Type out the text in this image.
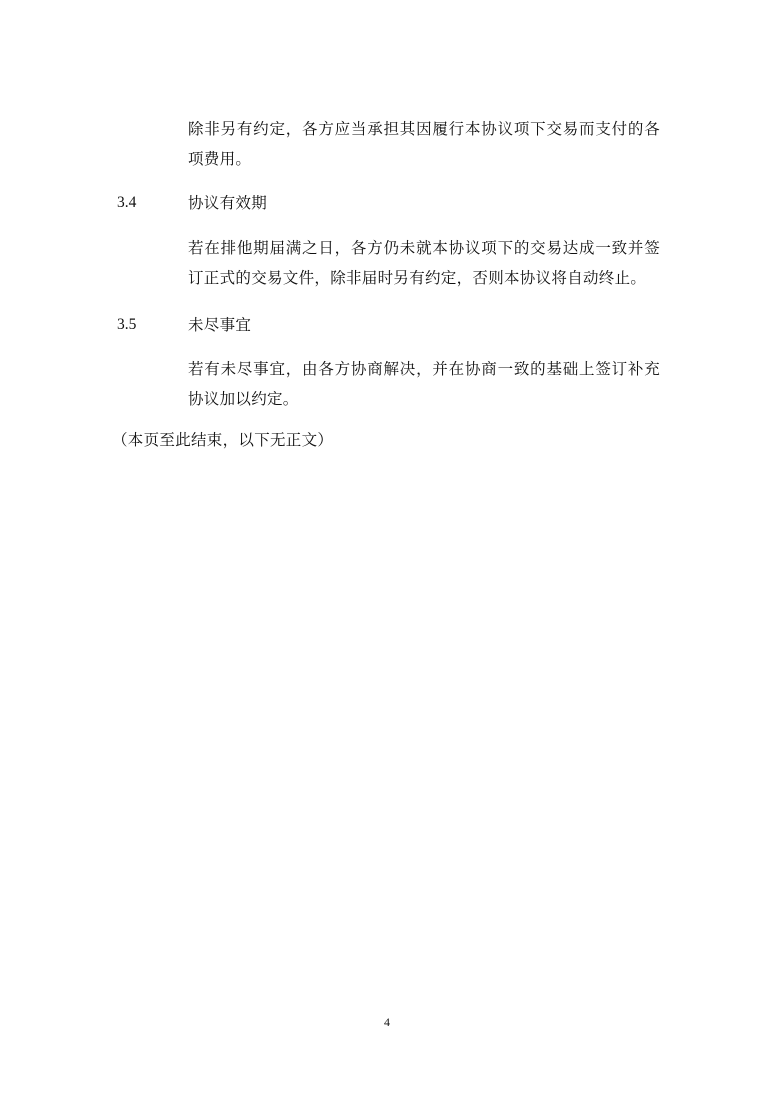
除非另有约定，各方应当承担其因履行本协议项下交易而支付的各项费用。

3.4	协议有效期

若在排他期届满之日，各方仍未就本协议项下的交易达成一致并签订正式的交易文件，除非届时另有约定，否则本协议将自动终止。

3.5	未尽事宜

若有未尽事宜，由各方协商解决，并在协商一致的基础上签订补充协议加以约定。

（本页至此结束，以下无正文）

4
